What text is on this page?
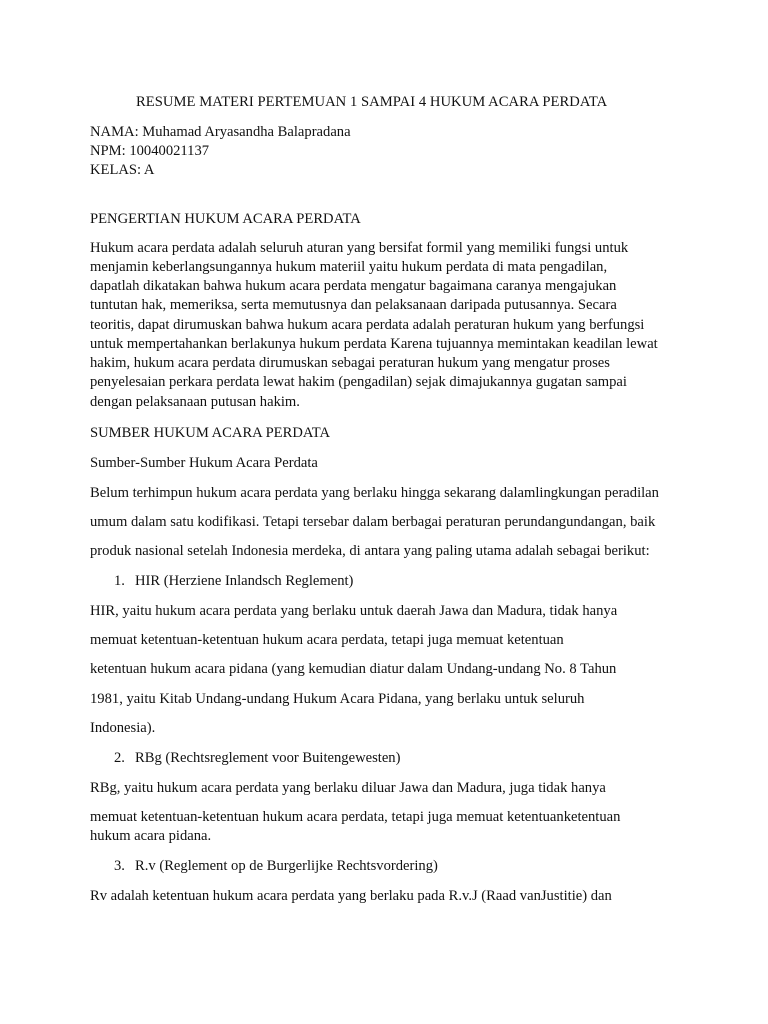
RESUME MATERI PERTEMUAN 1 SAMPAI 4 HUKUM ACARA PERDATA
NAMA: Muhamad Aryasandha Balapradana
NPM: 10040021137
KELAS: A
PENGERTIAN HUKUM ACARA PERDATA
Hukum acara perdata adalah seluruh aturan yang bersifat formil yang memiliki fungsi untuk
menjamin keberlangsungannya hukum materiil yaitu hukum perdata di mata pengadilan,
dapatlah dikatakan bahwa hukum acara perdata mengatur bagaimana caranya mengajukan
tuntutan hak, memeriksa, serta memutusnya dan pelaksanaan daripada putusannya. Secara
teoritis, dapat dirumuskan bahwa hukum acara perdata adalah peraturan hukum yang berfungsi
untuk mempertahankan berlakunya hukum perdata Karena tujuannya memintakan keadilan lewat
hakim, hukum acara perdata dirumuskan sebagai peraturan hukum yang mengatur proses
penyelesaian perkara perdata lewat hakim (pengadilan) sejak dimajukannya gugatan sampai
dengan pelaksanaan putusan hakim.
SUMBER HUKUM ACARA PERDATA
Sumber-Sumber Hukum Acara Perdata
Belum terhimpun hukum acara perdata yang berlaku hingga sekarang dalamlingkungan peradilan
umum dalam satu kodifikasi. Tetapi tersebar dalam berbagai peraturan perundangundangan, baik
produk nasional setelah Indonesia merdeka, di antara yang paling utama adalah sebagai berikut:
1. HIR (Herziene Inlandsch Reglement)
HIR, yaitu hukum acara perdata yang berlaku untuk daerah Jawa dan Madura, tidak hanya
memuat ketentuan-ketentuan hukum acara perdata, tetapi juga memuat ketentuan
ketentuan hukum acara pidana (yang kemudian diatur dalam Undang-undang No. 8 Tahun
1981, yaitu Kitab Undang-undang Hukum Acara Pidana, yang berlaku untuk seluruh
Indonesia).
2. RBg (Rechtsreglement voor Buitengewesten)
RBg, yaitu hukum acara perdata yang berlaku diluar Jawa dan Madura, juga tidak hanya
memuat ketentuan-ketentuan hukum acara perdata, tetapi juga memuat ketentuanketentuan
hukum acara pidana.
3. R.v (Reglement op de Burgerlijke Rechtsvordering)
Rv adalah ketentuan hukum acara perdata yang berlaku pada R.v.J (Raad vanJustitie) dan
